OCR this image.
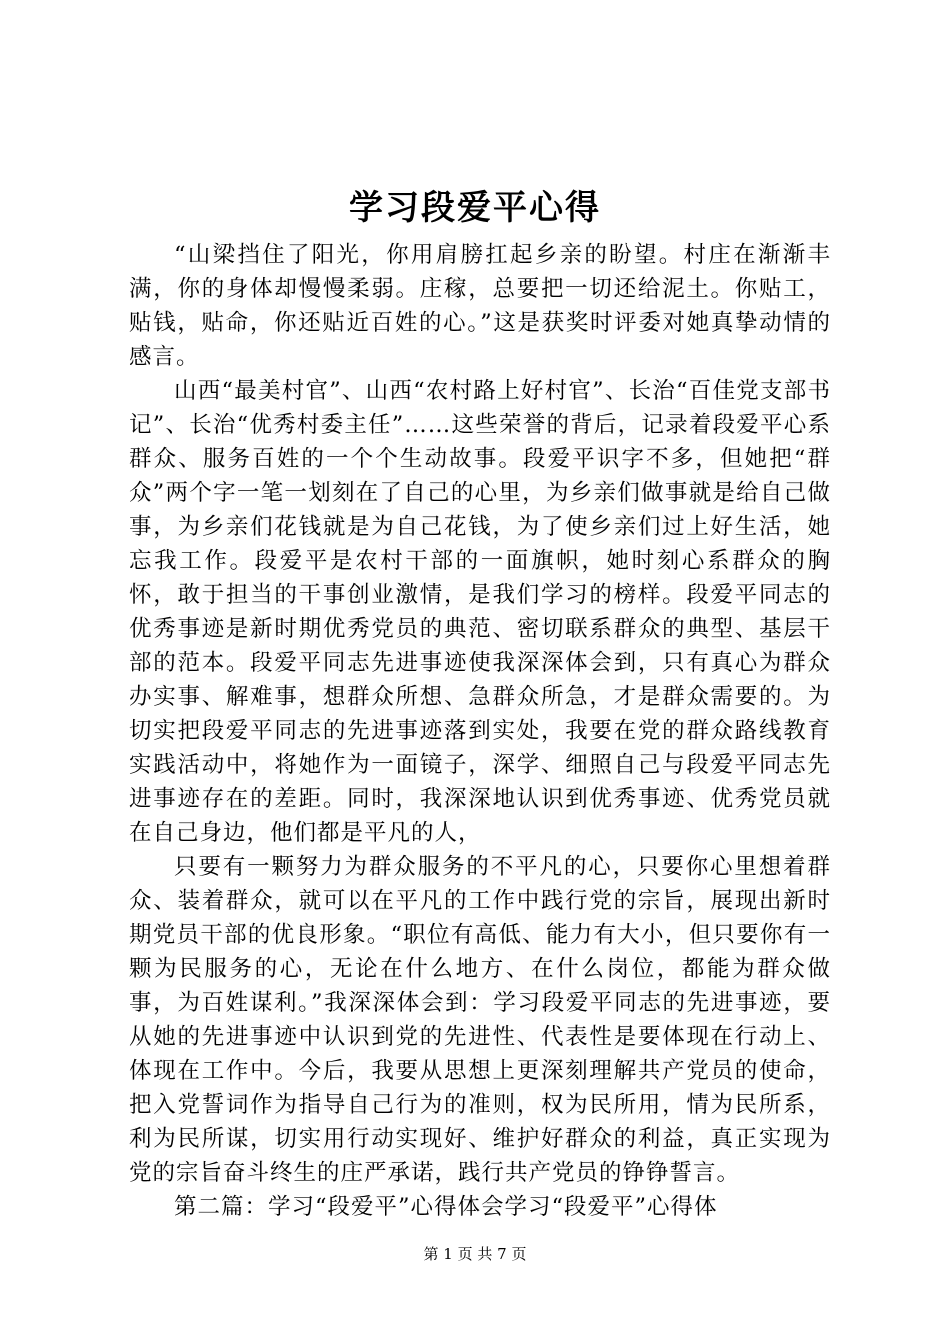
学习段爱平心得

“山梁挡住了阳光，你用肩膀扛起乡亲的盼望。村庄在渐渐丰满，你的身体却慢慢柔弱。庄稼，总要把一切还给泥土。你贴工，贴钱，贴命，你还贴近百姓的心。”这是获奖时评委对她真挚动情的感言。

山西“最美村官”、山西“农村路上好村官”、长治“百佳党支部书记”、长治“优秀村委主任”……这些荣誉的背后，记录着段爱平心系群众、服务百姓的一个个生动故事。段爱平识字不多，但她把“群众”两个字一笔一划刻在了自己的心里，为乡亲们做事就是给自己做事，为乡亲们花钱就是为自己花钱，为了使乡亲们过上好生活，她忘我工作。段爱平是农村干部的一面旗帜，她时刻心系群众的胸怀，敢于担当的干事创业激情，是我们学习的榜样。段爱平同志的优秀事迹是新时期优秀党员的典范、密切联系群众的典型、基层干部的范本。段爱平同志先进事迹使我深深体会到，只有真心为群众办实事、解难事，想群众所想、急群众所急，才是群众需要的。为切实把段爱平同志的先进事迹落到实处，我要在党的群众路线教育实践活动中，将她作为一面镜子，深学、细照自己与段爱平同志先进事迹存在的差距。同时，我深深地认识到优秀事迹、优秀党员就在自己身边，他们都是平凡的人，

只要有一颗努力为群众服务的不平凡的心，只要你心里想着群众、装着群众，就可以在平凡的工作中践行党的宗旨，展现出新时期党员干部的优良形象。“职位有高低、能力有大小，但只要你有一颗为民服务的心，无论在什么地方、在什么岗位，都能为群众做事，为百姓谋利。”我深深体会到：学习段爱平同志的先进事迹，要从她的先进事迹中认识到党的先进性、代表性是要体现在行动上、体现在工作中。今后，我要从思想上更深刻理解共产党员的使命，把入党誓词作为指导自己行为的准则，权为民所用，情为民所系，利为民所谋，切实用行动实现好、维护好群众的利益，真正实现为党的宗旨奋斗终生的庄严承诺，践行共产党员的铮铮誓言。

第二篇：学习“段爱平”心得体会学习“段爱平”心得体

第 1 页 共 7 页
